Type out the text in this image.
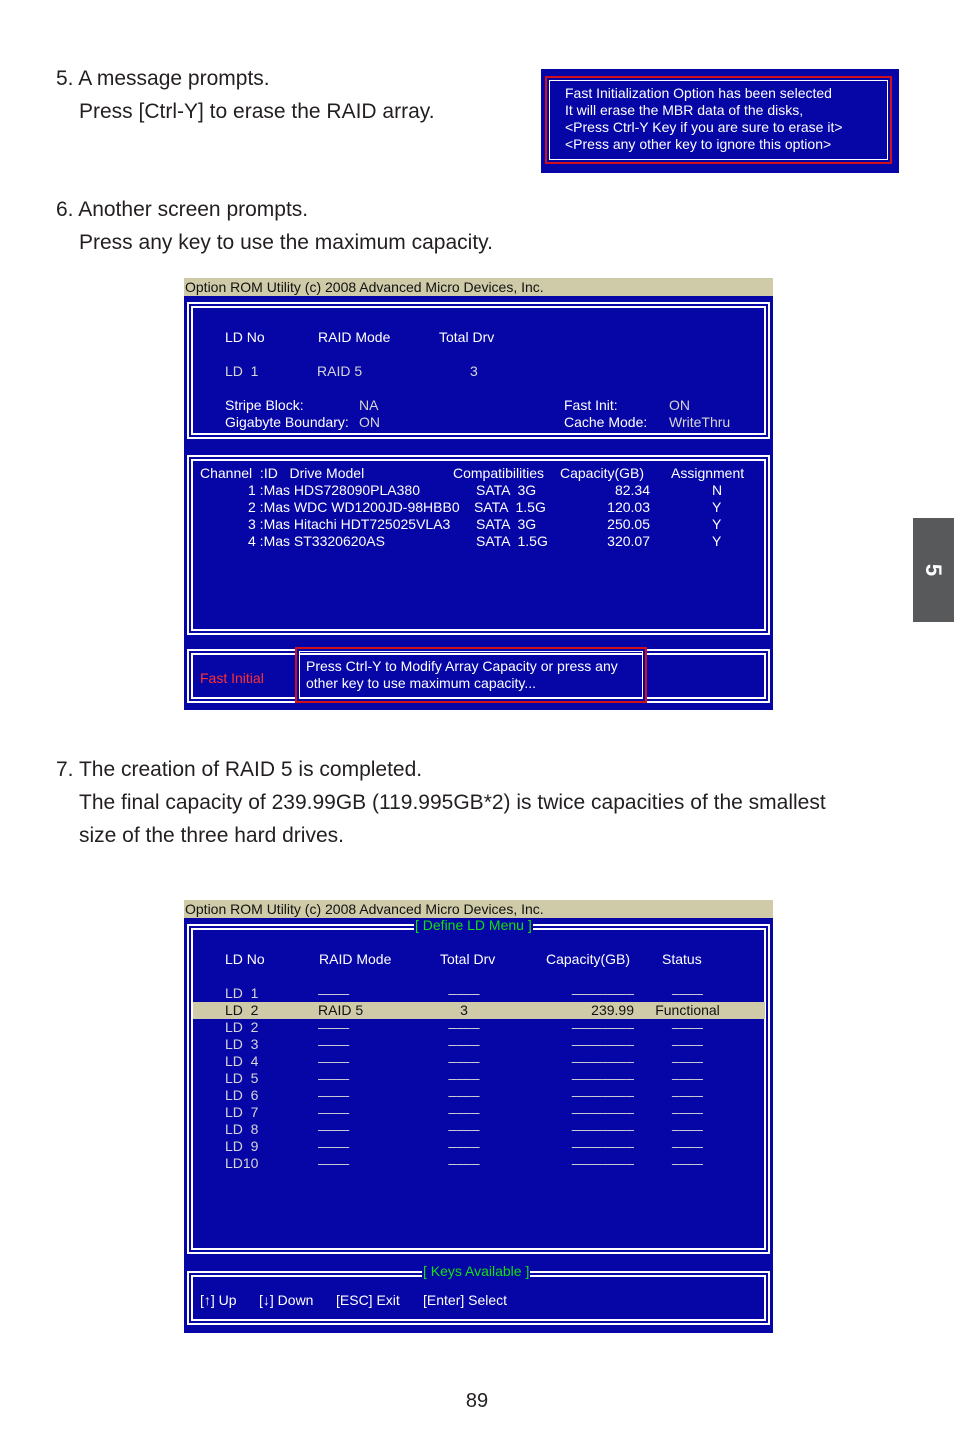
5. A message prompts.
Press [Ctrl-Y] to erase the RAID array.
Fast Initialization Option has been selected
It will erase the MBR data of the disks,
<Press Ctrl-Y Key if you are sure to erase it>
<Press any other key to ignore this option>
6. Another screen prompts.
Press any key to use the maximum capacity.
Option ROM Utility (c) 2008 Advanced Micro Devices, Inc.
LD No	RAID Mode	Total Drv
LD  1	RAID 5	3
Stripe Block:	NA
Gigabyte Boundary: ON
Fast Init:	ON
Cache Mode: WriteThru
Channel  :ID   Drive Model	Compatibilities Capacity(GB) Assignment
1 :Mas HDS728090PLA380	SATA  3G	82.34	N
2 :Mas WDC WD1200JD-98HBB0 SATA  1.5G	120.03	Y
3 :Mas Hitachi HDT725025VLA3 SATA  3G	250.05	Y
4 :Mas ST3320620AS	SATA  1.5G	320.07	Y
Fast Initial
Press Ctrl-Y to Modify Array Capacity or press any
other key to use maximum capacity...
7. The creation of RAID 5 is completed.
The final capacity of 239.99GB (119.995GB*2) is twice capacities of the smallest
size of the three hard drives.
Option ROM Utility (c) 2008 Advanced Micro Devices, Inc.
[ Define LD Menu ]
LD No	RAID Mode	Total Drv	Capacity(GB) Status
LD  1	––––	––––	––––––––	––––
LD  2	RAID 5	3	239.99	Functional
LD  2	––––	––––	––––––––	––––
LD  3	––––	––––	––––––––	––––
LD  4	––––	––––	––––––––	––––
LD  5	––––	––––	––––––––	––––
LD  6	––––	––––	––––––––	––––
LD  7	––––	––––	––––––––	––––
LD  8	––––	––––	––––––––	––––
LD  9	––––	––––	––––––––	––––
LD10	––––	––––	––––––––	––––
[ Keys Available ]
[↑] Up [↓] Down [ESC] Exit [Enter] Select
5
89
